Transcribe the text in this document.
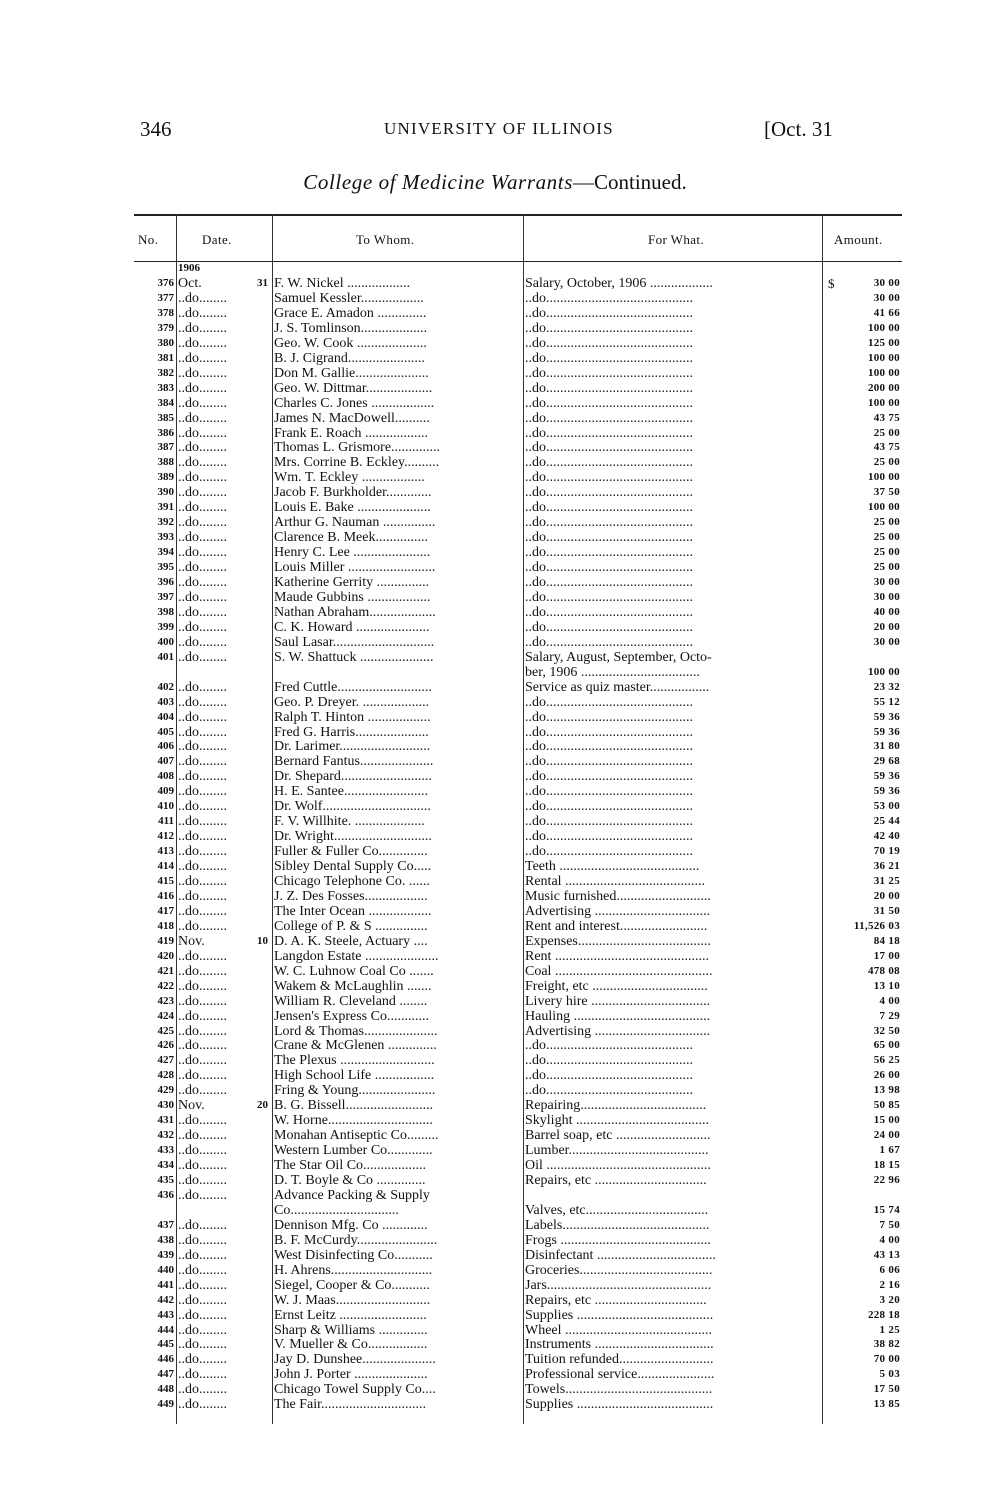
346	UNIVERSITY OF ILLINOIS	[Oct. 31
College of Medicine Warrants—Continued.
No.	Date.	To Whom.	For What.	Amount.
1906
376 Oct.	31 F. W. Nickel ..................	Salary, October, 1906 ..................	$	30 00
377 ..do........	Samuel Kessler..................	..do..........................................	30 00
378 ..do........	Grace E. Amadon ..............	..do..........................................	41 66
379 ..do........	J. S. Tomlinson...................	..do..........................................	100 00
380 ..do........	Geo. W. Cook ....................	..do..........................................	125 00
381 ..do........	B. J. Cigrand......................	..do..........................................	100 00
382 ..do........	Don M. Gallie.....................	..do..........................................	100 00
383 ..do........	Geo. W. Dittmar...................	..do..........................................	200 00
384 ..do........	Charles C. Jones ..................	..do..........................................	100 00
385 ..do........	James N. MacDowell..........	..do..........................................	43 75
386 ..do........	Frank E. Roach ..................	..do..........................................	25 00
387 ..do........	Thomas L. Grismore..............	..do..........................................	43 75
388 ..do........	Mrs. Corrine B. Eckley..........	..do..........................................	25 00
389 ..do........	Wm. T. Eckley ..................	..do..........................................	100 00
390 ..do........	Jacob F. Burkholder.............	..do..........................................	37 50
391 ..do........	Louis E. Bake .....................	..do..........................................	100 00
392 ..do........	Arthur G. Nauman ...............	..do..........................................	25 00
393 ..do........	Clarence B. Meek...............	..do..........................................	25 00
394 ..do........	Henry C. Lee ......................	..do..........................................	25 00
395 ..do........	Louis Miller .........................	..do..........................................	25 00
396 ..do........	Katherine Gerrity ...............	..do..........................................	30 00
397 ..do........	Maude Gubbins ..................	..do..........................................	30 00
398 ..do........	Nathan Abraham...................	..do..........................................	40 00
399 ..do........	C. K. Howard .....................	..do..........................................	20 00
400 ..do........	Saul Lasar.............................	..do..........................................	30 00
401 ..do........	S. W. Shattuck .....................	Salary, August, September, Octo-
ber, 1906 ..................................	100 00
402 ..do........	Fred Cuttle...........................	Service as quiz master.................	23 32
403 ..do........	Geo. P. Dreyer. ...................	..do..........................................	55 12
404 ..do........	Ralph T. Hinton ..................	..do..........................................	59 36
405 ..do........	Fred G. Harris.....................	..do..........................................	59 36
406 ..do........	Dr. Larimer..........................	..do..........................................	31 80
407 ..do........	Bernard Fantus.....................	..do..........................................	29 68
408 ..do........	Dr. Shepard..........................	..do..........................................	59 36
409 ..do........	H. E. Santee........................	..do..........................................	59 36
410 ..do........	Dr. Wolf...............................	..do..........................................	53 00
411 ..do........	F. V. Willhite. ....................	..do..........................................	25 44
412 ..do........	Dr. Wright............................	..do..........................................	42 40
413 ..do........	Fuller & Fuller Co..............	..do..........................................	70 19
414 ..do........	Sibley Dental Supply Co.....	Teeth ........................................	36 21
415 ..do........	Chicago Telephone Co. ......	Rental ........................................	31 25
416 ..do........	J. Z. Des Fosses..................	Music furnished...........................	20 00
417 ..do........	The Inter Ocean ..................	Advertising .................................	31 50
418 ..do........	College of P. & S ...............	Rent and interest.........................	11,526 03
419 Nov.	10 D. A. K. Steele, Actuary ....	Expenses......................................	84 18
420 ..do........	Langdon Estate .....................	Rent ............................................	17 00
421 ..do........	W. C. Luhnow Coal Co .......	Coal .............................................	478 08
422 ..do........	Wakem & McLaughlin .......	Freight, etc .................................	13 10
423 ..do........	William R. Cleveland ........	Livery hire ..................................	4 00
424 ..do........	Jensen's Express Co............	Hauling .......................................	7 29
425 ..do........	Lord & Thomas.....................	Advertising .................................	32 50
426 ..do........	Crane & McGlenen ..............	..do..........................................	65 00
427 ..do........	The Plexus ...........................	..do..........................................	56 25
428 ..do........	High School Life .................	..do..........................................	26 00
429 ..do........	Fring & Young......................	..do..........................................	13 98
430 Nov.	20 B. G. Bissell.........................	Repairing....................................	50 85
431 ..do........	W. Horne..............................	Skylight ......................................	15 00
432 ..do........	Monahan Antiseptic Co.........	Barrel soap, etc ...........................	24 00
433 ..do........	Western Lumber Co.............	Lumber........................................	1 67
434 ..do........	The Star Oil Co..................	Oil ...............................................	18 15
435 ..do........	D. T. Boyle & Co ..............	Repairs, etc ................................	22 96
436 ..do........	Advance Packing & Supply
Co...............................	Valves, etc...................................	15 74
437 ..do........	Dennison Mfg. Co .............	Labels..........................................	7 50
438 ..do........	B. F. McCurdy.......................	Frogs ...........................................	4 00
439 ..do........	West Disinfecting Co...........	Disinfectant ..................................	43 13
440 ..do........	H. Ahrens.............................	Groceries......................................	6 06
441 ..do........	Siegel, Cooper & Co...........	Jars...............................................	2 16
442 ..do........	W. J. Maas...........................	Repairs, etc ................................	3 20
443 ..do........	Ernst Leitz .........................	Supplies .......................................	228 18
444 ..do........	Sharp & Williams ..............	Wheel ..........................................	1 25
445 ..do........	V. Mueller & Co.................	Instruments ..................................	38 82
446 ..do........	Jay D. Dunshee.....................	Tuition refunded...........................	70 00
447 ..do........	John J. Porter .....................	Professional service......................	5 03
448 ..do........	Chicago Towel Supply Co....	Towels..........................................	17 50
449 ..do........	The Fair..............................	Supplies .......................................	13 85
